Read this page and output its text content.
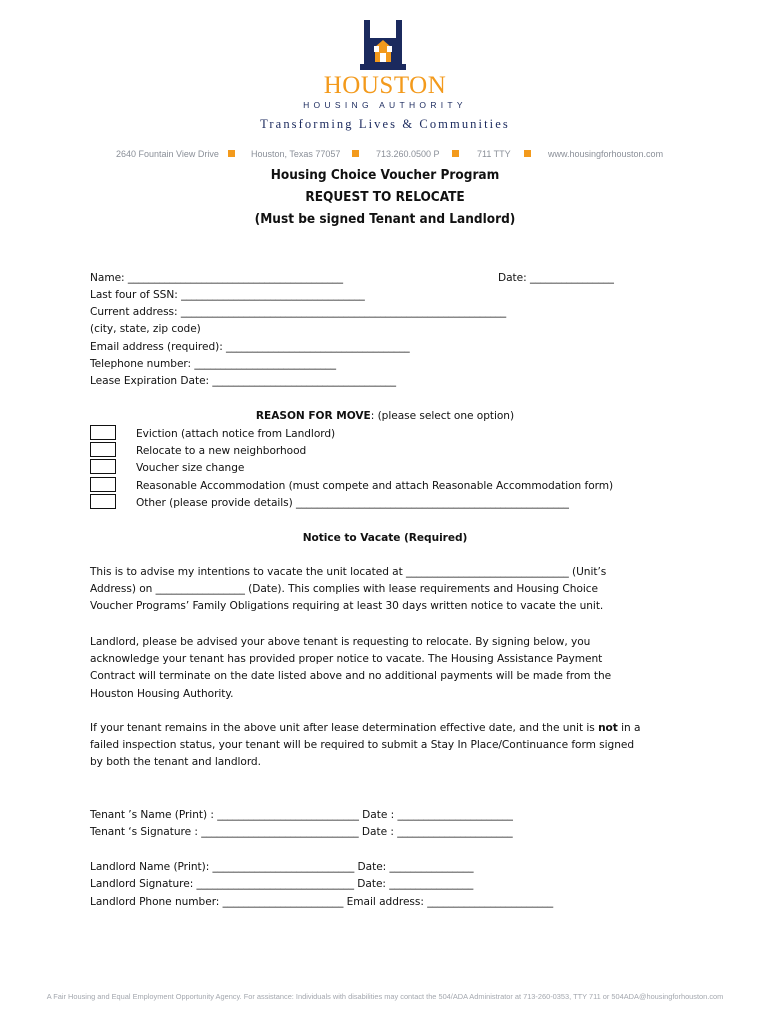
HOUSTON
HOUSING AUTHORITY
Transforming Lives & Communities
2640 Fountain View Drive	Houston, Texas 77057	713.260.0500 P	711 TTY	www.housingforhouston.com
Housing Choice Voucher Program
REQUEST TO RELOCATE
(Must be signed Tenant and Landlord)
Name: _________________________________________	Date: ________________
Last four of SSN: ___________________________________
Current address: ______________________________________________________________
(city, state, zip code)
Email address (required): ___________________________________
Telephone number: ___________________________
Lease Expiration Date: ___________________________________
REASON FOR MOVE: (please select one option)
Eviction (attach notice from Landlord)
Relocate to a new neighborhood
Voucher size change
Reasonable Accommodation (must compete and attach Reasonable Accommodation form)
Other (please provide details) ____________________________________________________
Notice to Vacate (Required)
This is to advise my intentions to vacate the unit located at _______________________________ (Unit’s
Address) on _________________ (Date). This complies with lease requirements and Housing Choice
Voucher Programs’ Family Obligations requiring at least 30 days written notice to vacate the unit.
Landlord, please be advised your above tenant is requesting to relocate. By signing below, you
acknowledge your tenant has provided proper notice to vacate. The Housing Assistance Payment
Contract will terminate on the date listed above and no additional payments will be made from the
Houston Housing Authority.
If your tenant remains in the above unit after lease determination effective date, and the unit is not in a
failed inspection status, your tenant will be required to submit a Stay In Place/Continuance form signed
by both the tenant and landlord.
Tenant ’s Name (Print) : ___________________________ Date : ______________________
Tenant ‘s Signature : ______________________________ Date : ______________________
Landlord Name (Print): ___________________________ Date: ________________
Landlord Signature: ______________________________ Date: ________________
Landlord Phone number: _______________________ Email address: ________________________
A Fair Housing and Equal Employment Opportunity Agency. For assistance: Individuals with disabilities may contact the 504/ADA Administrator at 713-260-0353, TTY 711 or 504ADA@housingforhouston.com
